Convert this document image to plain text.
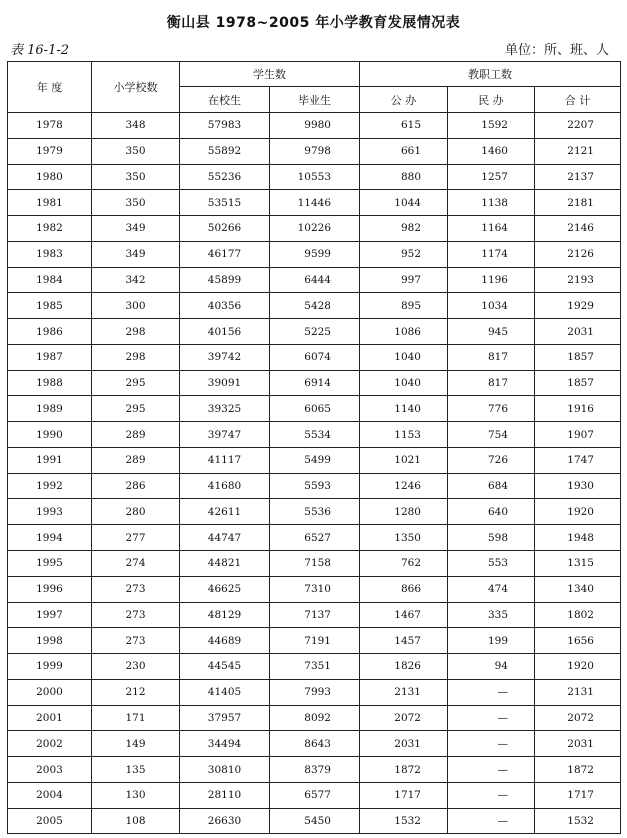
衡山县 1978~2005 年小学教育发展情况表
表 16-1-2	单位：所、班、人
年 度	小学校数	学生数		教职工数		
		在校生	毕业生	公 办	民 办	合 计
1978	348	57983	9980	615	1592	2207
1979	350	55892	9798	661	1460	2121
1980	350	55236	10553	880	1257	2137
1981	350	53515	11446	1044	1138	2181
1982	349	50266	10226	982	1164	2146
1983	349	46177	9599	952	1174	2126
1984	342	45899	6444	997	1196	2193
1985	300	40356	5428	895	1034	1929
1986	298	40156	5225	1086	945	2031
1987	298	39742	6074	1040	817	1857
1988	295	39091	6914	1040	817	1857
1989	295	39325	6065	1140	776	1916
1990	289	39747	5534	1153	754	1907
1991	289	41117	5499	1021	726	1747
1992	286	41680	5593	1246	684	1930
1993	280	42611	5536	1280	640	1920
1994	277	44747	6527	1350	598	1948
1995	274	44821	7158	762	553	1315
1996	273	46625	7310	866	474	1340
1997	273	48129	7137	1467	335	1802
1998	273	44689	7191	1457	199	1656
1999	230	44545	7351	1826	94	1920
2000	212	41405	7993	2131	—	2131
2001	171	37957	8092	2072	—	2072
2002	149	34494	8643	2031	—	2031
2003	135	30810	8379	1872	—	1872
2004	130	28110	6577	1717	—	1717
2005	108	26630	5450	1532	—	1532
